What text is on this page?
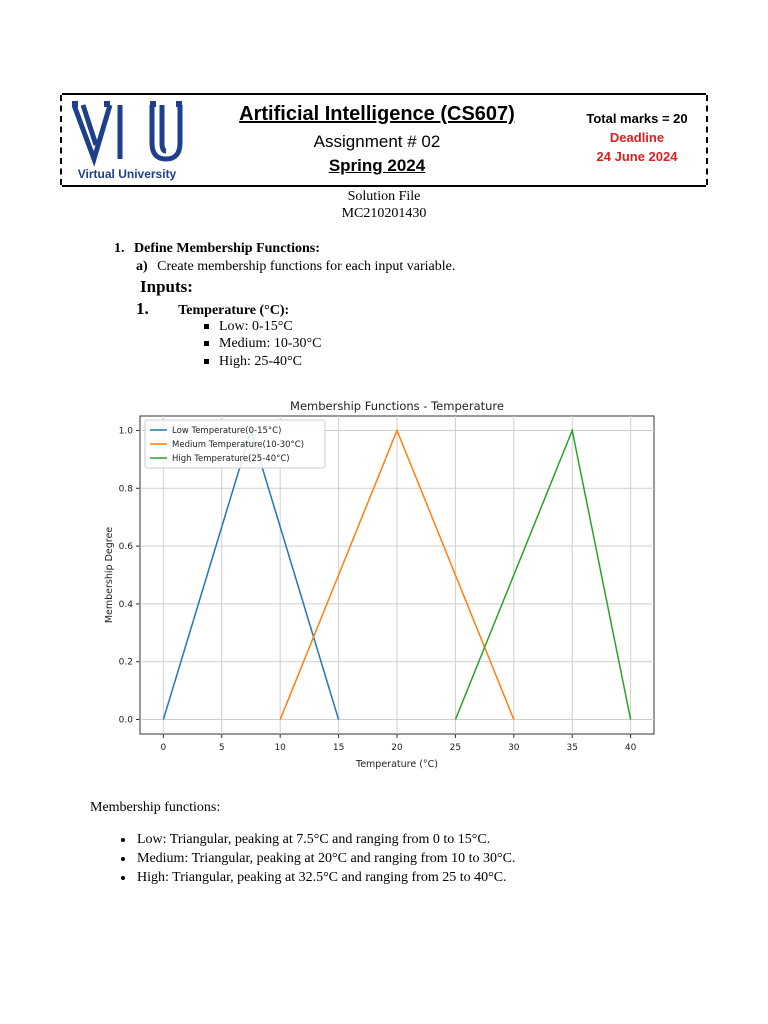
Virtual University
Artificial Intelligence (CS607)
Assignment # 02
Spring 2024
Total marks = 20
Deadline
24 June 2024
Solution File
MC210201430
1. Define Membership Functions:
a) Create membership functions for each input variable.
Inputs:
1. Temperature (°C):
Low: 0-15°C
Medium: 10-30°C
High: 25-40°C
0	5	10	15	20	25	30	35	40
0.0
0.2
0.4
0.6
0.8
1.0
Membership Functions - Temperature
Temperature (°C)
Membership Degree
Low Temperature(0-15°C)
Medium Temperature(10-30°C)
High Temperature(25-40°C)
Membership functions:
• Low: Triangular, peaking at 7.5°C and ranging from 0 to 15°C.
• Medium: Triangular, peaking at 20°C and ranging from 10 to 30°C.
• High: Triangular, peaking at 32.5°C and ranging from 25 to 40°C.
